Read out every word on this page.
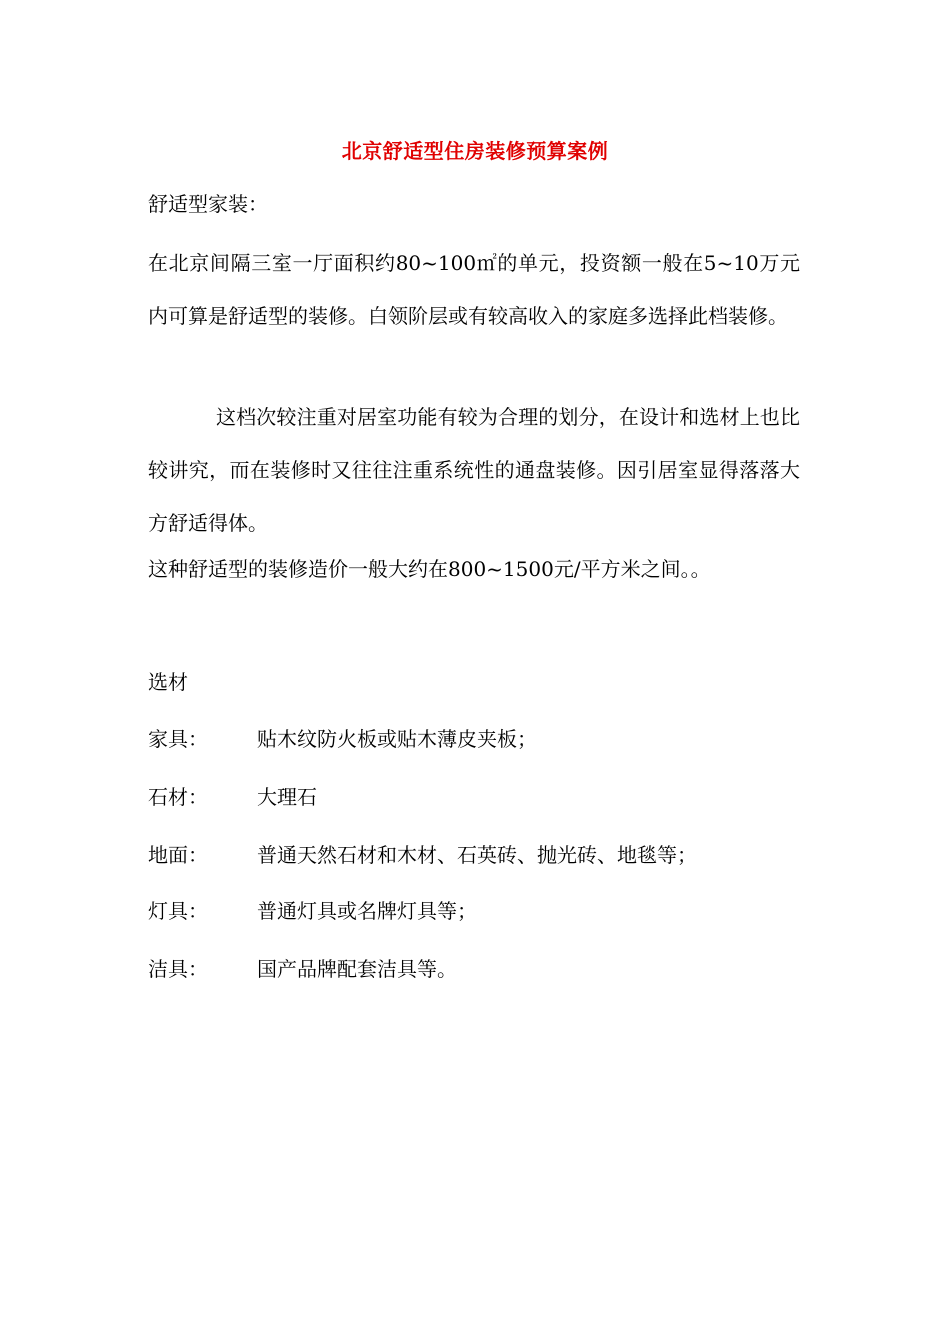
北京舒适型住房装修预算案例
舒适型家装：
在北京间隔三室一厅面积约80~100㎡的单元，投资额一般在5~10万元内可算是舒适型的装修。白领阶层或有较高收入的家庭多选择此档装修。
这档次较注重对居室功能有较为合理的划分，在设计和选材上也比较讲究，而在装修时又往往注重系统性的通盘装修。因引居室显得落落大方舒适得体。
这种舒适型的装修造价一般大约在800~1500元/平方米之间。。
选材
家具： 贴木纹防火板或贴木薄皮夹板；
石材： 大理石
地面： 普通天然石材和木材、石英砖、抛光砖、地毯等；
灯具： 普通灯具或名牌灯具等；
洁具： 国产品牌配套洁具等。
